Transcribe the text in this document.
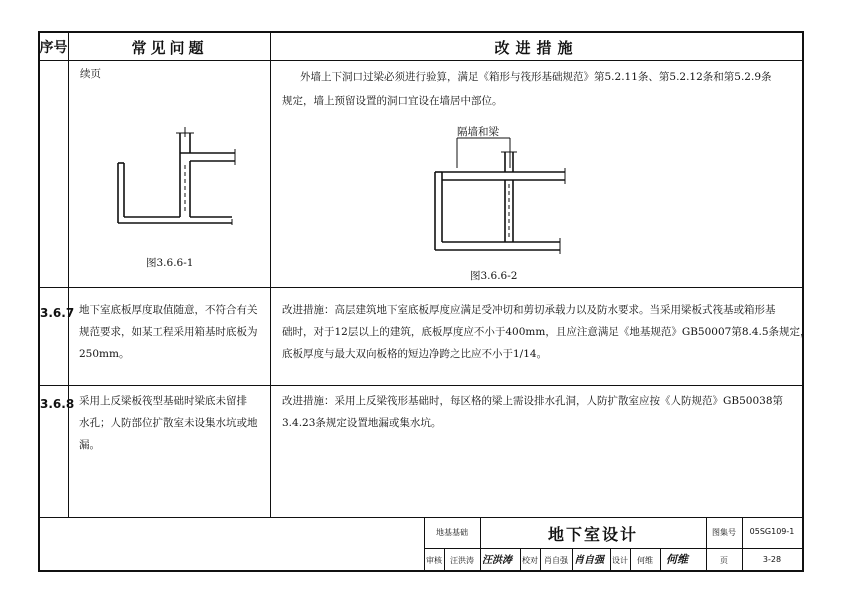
序号	常见问题	改进措施
续页	外墙上下洞口过梁必须进行验算，满足《箱形与筏形基础规范》第5.2.11条、第5.2.12条和第5.2.9条
规定，墙上预留设置的洞口宜设在墙居中部位。
图3.6.6-1
隔墙和梁
图3.6.6-2
3.6.7 地下室底板厚度取值随意，不符合有关
规范要求，如某工程采用箱基时底板为
250mm。
改进措施：高层建筑地下室底板厚度应满足受冲切和剪切承载力以及防水要求。当采用梁板式筏基或箱形基
础时，对于12层以上的建筑，底板厚度应不小于400mm，且应注意满足《地基规范》GB50007第8.4.5条规定，
底板厚度与最大双向板格的短边净跨之比应不小于1/14。
3.6.8 采用上反梁板筏型基础时梁底未留排
水孔；人防部位扩散室未设集水坑或地
漏。
改进措施：采用上反梁筏形基础时，每区格的梁上需设排水孔洞，人防扩散室应按《人防规范》GB50038第
3.4.23条规定设置地漏或集水坑。
地基基础	地下室设计	图集号	05SG109-1
审核	汪洪涛 汪洪涛 校对 肖自强 肖自强 设计	何维	何维	页	3-28
